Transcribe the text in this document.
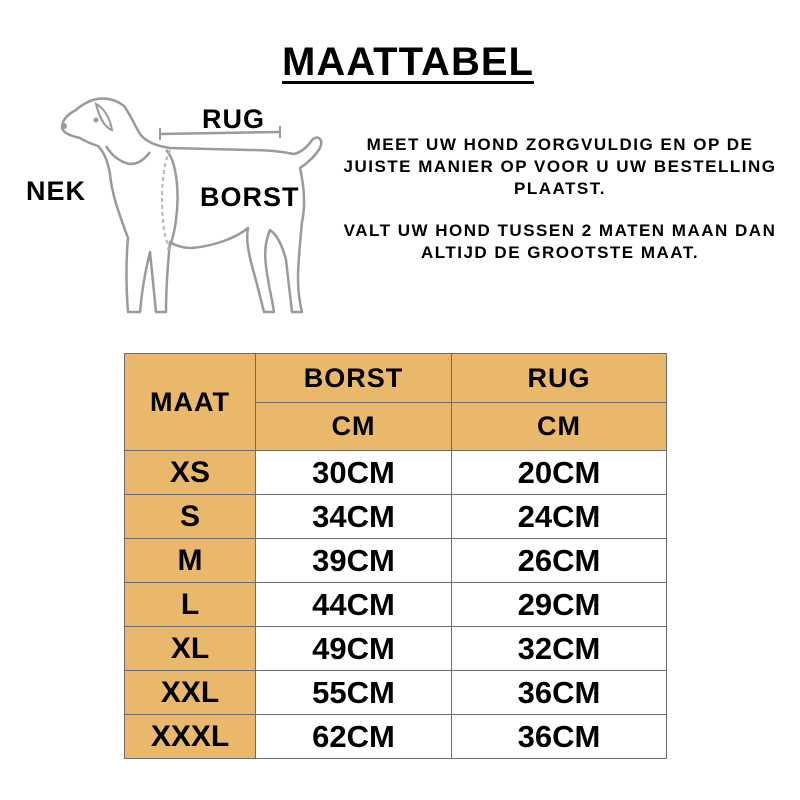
MAATTABEL
RUG
NEK	BORST

MEET UW HOND ZORGVULDIG EN OP DE JUISTE MANIER OP VOOR U UW BESTELLING PLAATST.

VALT UW HOND TUSSEN 2 MATEN MAAN DAN ALTIJD DE GROOTSTE MAAT.

MAAT	BORST	RUG
	CM	CM
XS	30CM	20CM
S	34CM	24CM
M	39CM	26CM
L	44CM	29CM
XL	49CM	32CM
XXL	55CM	36CM
XXXL	62CM	36CM
